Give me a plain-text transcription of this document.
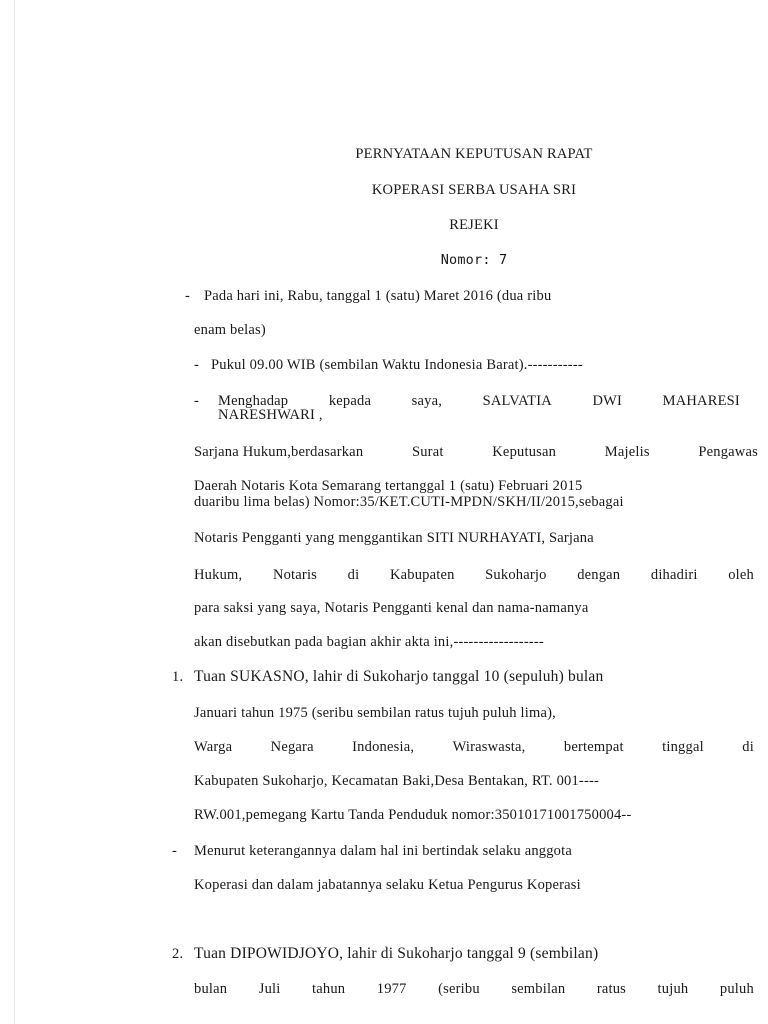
PERNYATAAN KEPUTUSAN RAPAT
KOPERASI SERBA USAHA SRI
REJEKI
Nomor: 7
- Pada hari ini, Rabu, tanggal 1 (satu) Maret 2016 (dua ribu
enam belas)
- Pukul 09.00 WIB (sembilan Waktu Indonesia Barat).-----------
- Menghadap	kepada	saya,	SALVATIA	DWI	MAHARESI
NARESHWARI ,
Sarjana Hukum,berdasarkan	Surat	Keputusan	Majelis	Pengawas
Daerah Notaris Kota Semarang tertanggal 1 (satu) Februari 2015
duaribu lima belas) Nomor:35/KET.CUTI-MPDN/SKH/II/2015,sebagai
Notaris Pengganti yang menggantikan SITI NURHAYATI, Sarjana
Hukum, Notaris di Kabupaten Sukoharjo dengan dihadiri oleh
para saksi yang saya, Notaris Pengganti kenal dan nama-namanya
akan disebutkan pada bagian akhir akta ini,------------------
1. Tuan SUKASNO, lahir di Sukoharjo tanggal 10 (sepuluh) bulan
Januari tahun 1975 (seribu sembilan ratus tujuh puluh lima),
Warga	Negara	Indonesia,	Wiraswasta,	bertempat	tinggal	di
Kabupaten Sukoharjo, Kecamatan Baki,Desa Bentakan, RT. 001----
RW.001,pemegang Kartu Tanda Penduduk nomor:35010171001750004--
- Menurut keterangannya dalam hal ini bertindak selaku anggota
Koperasi dan dalam jabatannya selaku Ketua Pengurus Koperasi
2. Tuan DIPOWIDJOYO, lahir di Sukoharjo tanggal 9 (sembilan)
bulan Juli tahun 1977 (seribu sembilan ratus tujuh puluh
